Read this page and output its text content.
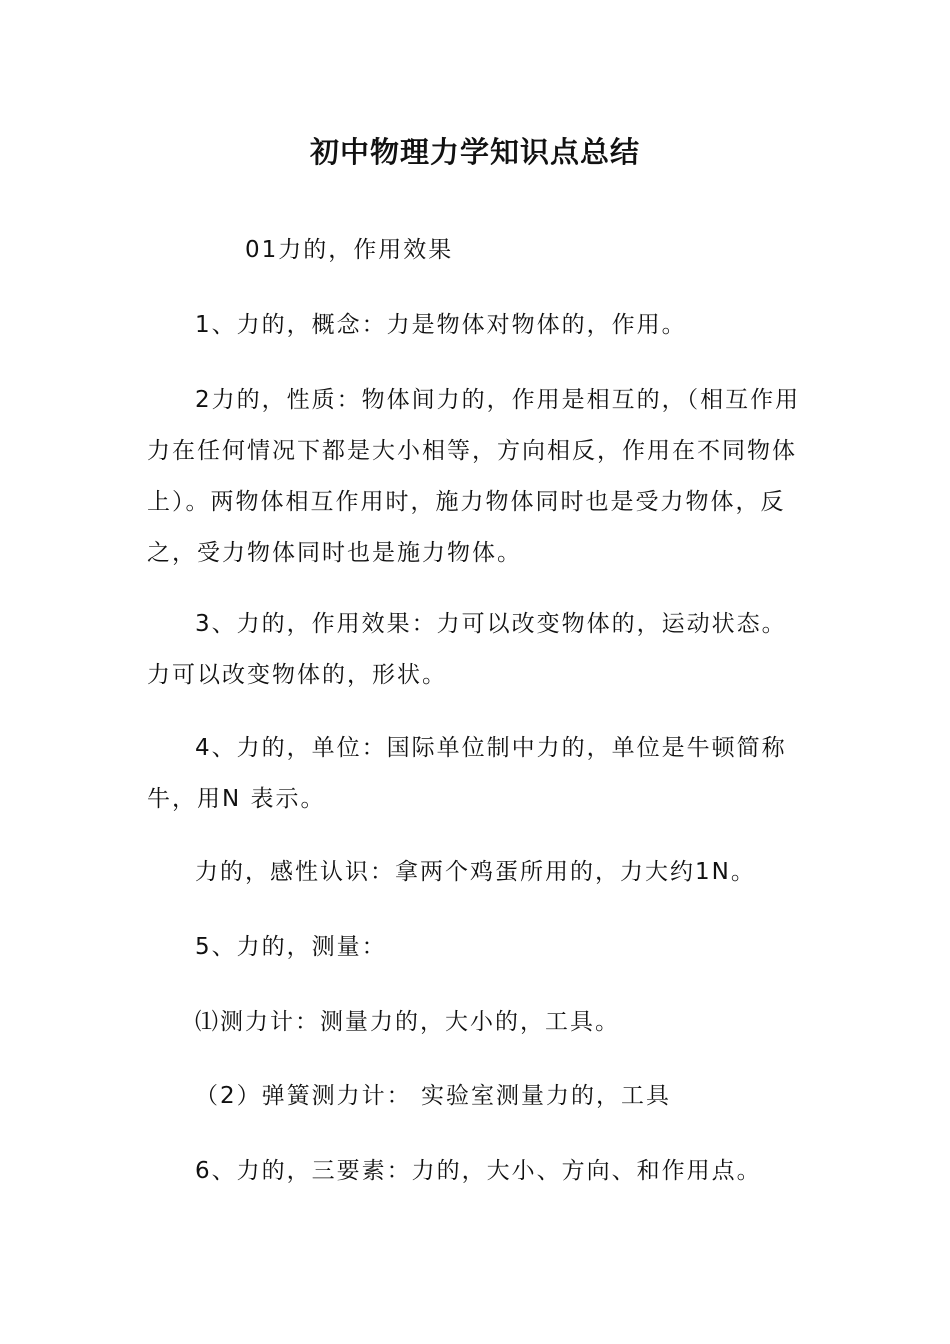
初中物理力学知识点总结

01力的，作用效果

1、力的，概念：力是物体对物体的，作用。

2力的，性质：物体间力的，作用是相互的，（相互作用力在任何情况下都是大小相等，方向相反，作用在不同物体上）。两物体相互作用时，施力物体同时也是受力物体，反之，受力物体同时也是施力物体。

3、力的，作用效果：力可以改变物体的，运动状态。力可以改变物体的，形状。

4、力的，单位：国际单位制中力的，单位是牛顿简称牛，用N 表示。

力的，感性认识：拿两个鸡蛋所用的，力大约1N。

5、力的，测量：

⑴测力计：测量力的，大小的，工具。

（2）弹簧测力计： 实验室测量力的，工具

6、力的，三要素：力的，大小、方向、和作用点。
